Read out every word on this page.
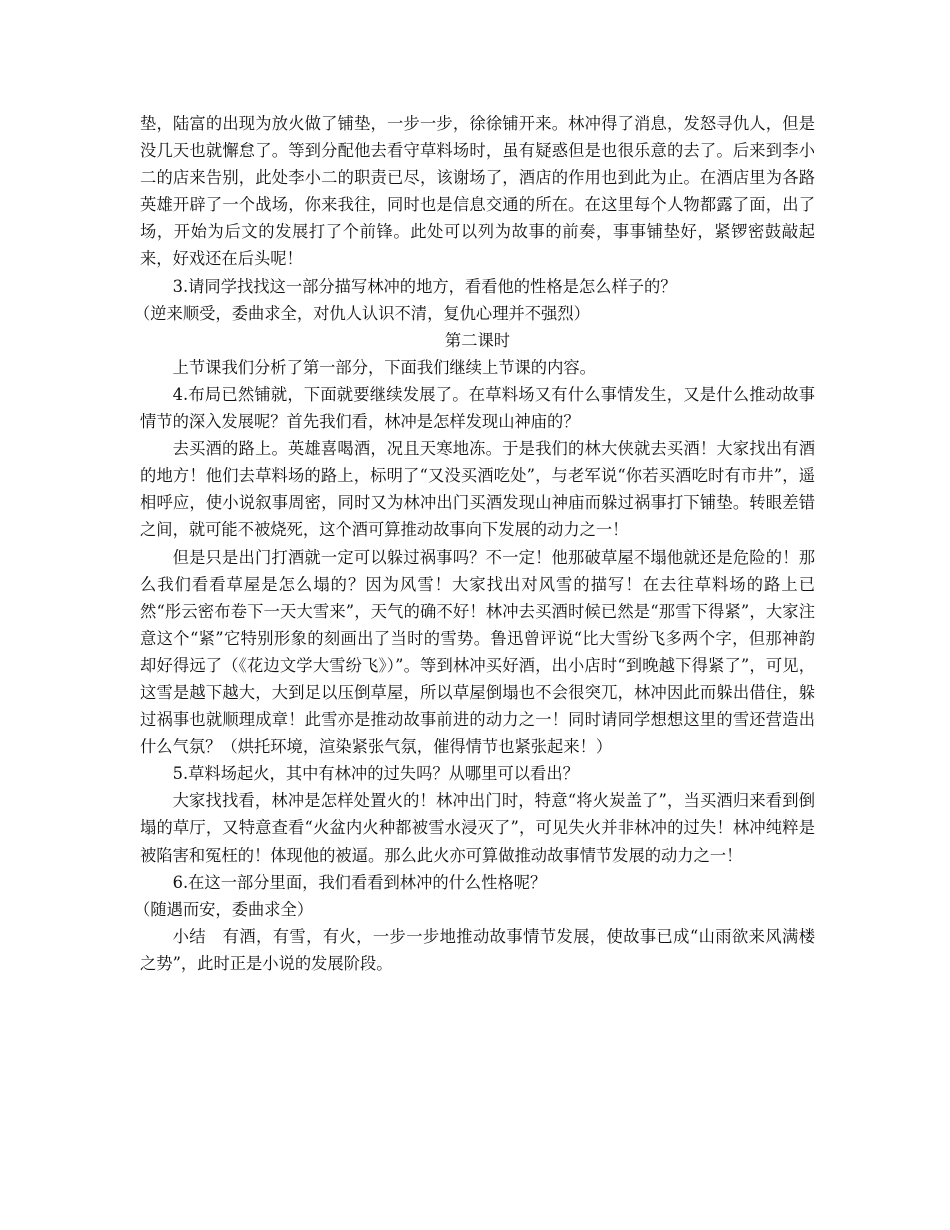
垫，陆富的出现为放火做了铺垫，一步一步，徐徐铺开来。林冲得了消息，发怒寻仇人，但是没几天也就懈怠了。等到分配他去看守草料场时，虽有疑惑但是也很乐意的去了。后来到李小二的店来告别，此处李小二的职责已尽，该谢场了，酒店的作用也到此为止。在酒店里为各路英雄开辟了一个战场，你来我往，同时也是信息交通的所在。在这里每个人物都露了面，出了场，开始为后文的发展打了个前锋。此处可以列为故事的前奏，事事铺垫好，紧锣密鼓敲起来，好戏还在后头呢！

3.请同学找找这一部分描写林冲的地方，看看他的性格是怎么样子的？

（逆来顺受，委曲求全，对仇人认识不清，复仇心理并不强烈）

第二课时

上节课我们分析了第一部分，下面我们继续上节课的内容。

4.布局已然铺就，下面就要继续发展了。在草料场又有什么事情发生，又是什么推动故事情节的深入发展呢？首先我们看，林冲是怎样发现山神庙的？

去买酒的路上。英雄喜喝酒，况且天寒地冻。于是我们的林大侠就去买酒！大家找出有酒的地方！他们去草料场的路上，标明了“又没买酒吃处”，与老军说“你若买酒吃时有市井”，遥相呼应，使小说叙事周密，同时又为林冲出门买酒发现山神庙而躲过祸事打下铺垫。转眼差错之间，就可能不被烧死，这个酒可算推动故事向下发展的动力之一！

但是只是出门打酒就一定可以躲过祸事吗？不一定！他那破草屋不塌他就还是危险的！那么我们看看草屋是怎么塌的？因为风雪！大家找出对风雪的描写！在去往草料场的路上已然“彤云密布卷下一天大雪来”，天气的确不好！林冲去买酒时候已然是“那雪下得紧”，大家注意这个“紧”它特别形象的刻画出了当时的雪势。鲁迅曾评说“比大雪纷飞多两个字，但那神韵却好得远了（《花边文学大雪纷飞》）”。等到林冲买好酒，出小店时“到晚越下得紧了”，可见，这雪是越下越大，大到足以压倒草屋，所以草屋倒塌也不会很突兀，林冲因此而躲出借住，躲过祸事也就顺理成章！此雪亦是推动故事前进的动力之一！同时请同学想想这里的雪还营造出什么气氛？（烘托环境，渲染紧张气氛，催得情节也紧张起来！）

5.草料场起火，其中有林冲的过失吗？从哪里可以看出？

大家找找看，林冲是怎样处置火的！林冲出门时，特意“将火炭盖了”，当买酒归来看到倒塌的草厅，又特意查看“火盆内火种都被雪水浸灭了”，可见失火并非林冲的过失！林冲纯粹是被陷害和冤枉的！体现他的被逼。那么此火亦可算做推动故事情节发展的动力之一！

6.在这一部分里面，我们看看到林冲的什么性格呢？

（随遇而安，委曲求全）

小结　有酒，有雪，有火，一步一步地推动故事情节发展，使故事已成“山雨欲来风满楼之势”，此时正是小说的发展阶段。
